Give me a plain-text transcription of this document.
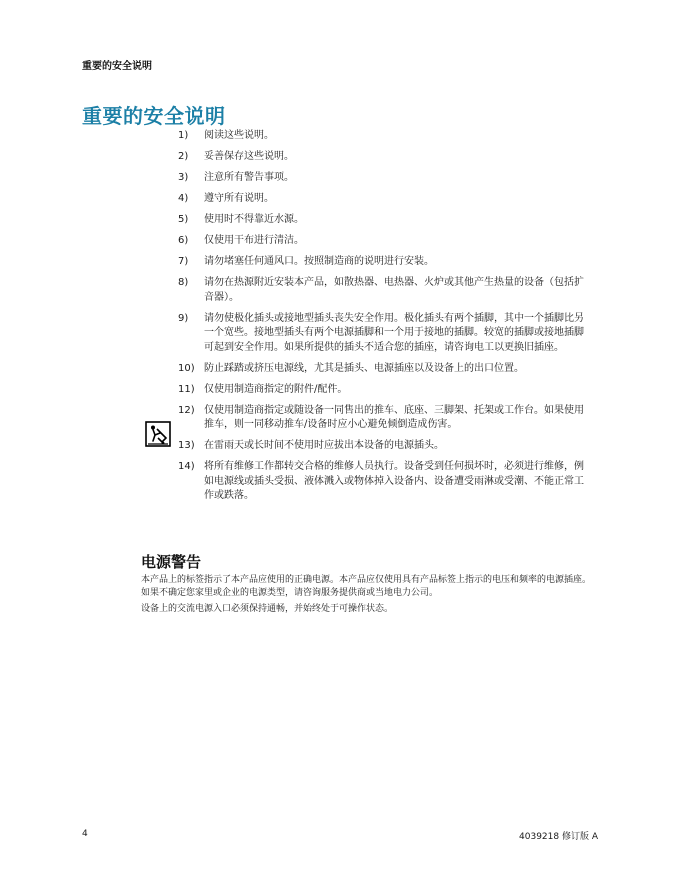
重要的安全说明
重要的安全说明
1) 阅读这些说明。
2) 妥善保存这些说明。
3) 注意所有警告事项。
4) 遵守所有说明。
5) 使用时不得靠近水源。
6) 仅使用干布进行清洁。
7) 请勿堵塞任何通风口。按照制造商的说明进行安装。
8) 请勿在热源附近安装本产品，如散热器、电热器、火炉或其他产生热量的设备（包括扩音器）。
9) 请勿使极化插头或接地型插头丧失安全作用。极化插头有两个插脚，其中一个插脚比另一个宽些。接地型插头有两个电源插脚和一个用于接地的插脚。较宽的插脚或接地插脚可起到安全作用。如果所提供的插头不适合您的插座，请咨询电工以更换旧插座。
10) 防止踩踏或挤压电源线，尤其是插头、电源插座以及设备上的出口位置。
11) 仅使用制造商指定的附件/配件。
12) 仅使用制造商指定或随设备一同售出的推车、底座、三脚架、托架或工作台。如果使用推车，则一同移动推车/设备时应小心避免倾倒造成伤害。
13) 在雷雨天或长时间不使用时应拔出本设备的电源插头。
14) 将所有维修工作都转交合格的维修人员执行。设备受到任何损坏时，必须进行维修，例如电源线或插头受损、液体溅入或物体掉入设备内、设备遭受雨淋或受潮、不能正常工作或跌落。
电源警告

本产品上的标签指示了本产品应使用的正确电源。本产品应仅使用具有产品标签上指示的电压和频率的电源插座。如果不确定您家里或企业的电源类型，请咨询服务提供商或当地电力公司。

设备上的交流电源入口必须保持通畅，并始终处于可操作状态。

4	4039218 修订版 A
